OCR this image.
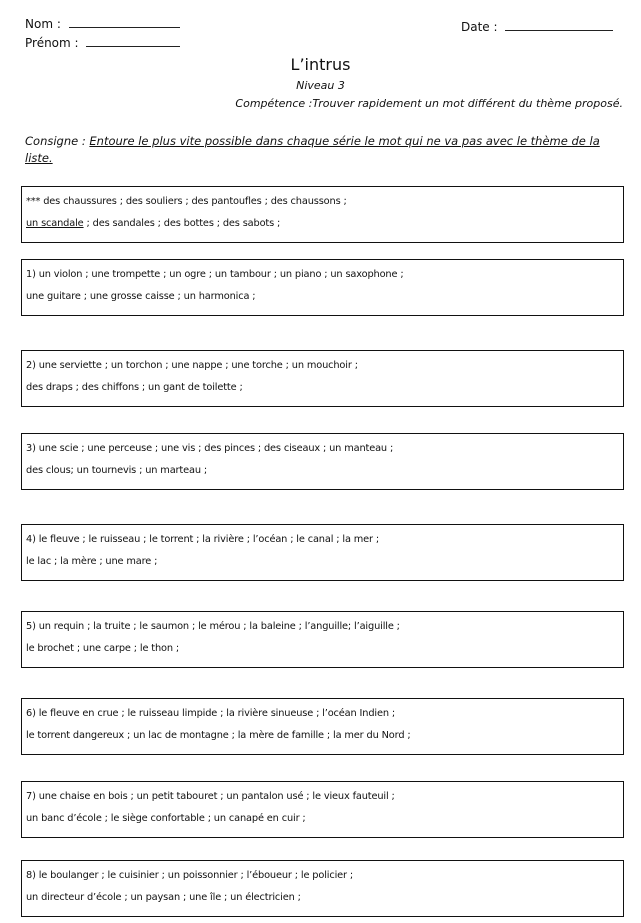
Nom :
Prénom :
Date :
L’intrus
Niveau 3
Compétence :Trouver rapidement un mot différent du thème proposé.
Consigne : Entoure le plus vite possible dans chaque série le mot qui ne va pas avec le thème de la liste.
*** des chaussures ; des souliers ; des pantoufles ; des chaussons ;
un scandale ; des sandales ; des bottes ; des sabots ;
1) un violon ; une trompette ; un ogre ; un tambour ; un piano ; un saxophone ;
une guitare ; une grosse caisse ; un harmonica ;
2) une serviette ; un torchon ; une nappe ; une torche ; un mouchoir ;
des draps ; des chiffons ; un gant de toilette ;
3) une scie ; une perceuse ; une vis ; des pinces ; des ciseaux ; un manteau ;
des clous; un tournevis ; un marteau ;
4) le fleuve ; le ruisseau ; le torrent ; la rivière ; l’océan ; le canal ; la mer ;
le lac ; la mère ; une mare ;
5) un requin ; la truite ; le saumon ; le mérou ; la baleine ; l’anguille; l’aiguille ;
le brochet ; une carpe ; le thon ;
6) le fleuve en crue ; le ruisseau limpide ; la rivière sinueuse ; l’océan Indien ;
le torrent dangereux ; un lac de montagne ; la mère de famille ; la mer du Nord ;
7) une chaise en bois ; un petit tabouret ; un pantalon usé ; le vieux fauteuil ;
un banc d’école ; le siège confortable ; un canapé en cuir ;
8) le boulanger ; le cuisinier ; un poissonnier ; l’éboueur ; le policier ;
un directeur d’école ; un paysan ; une île ; un électricien ;
